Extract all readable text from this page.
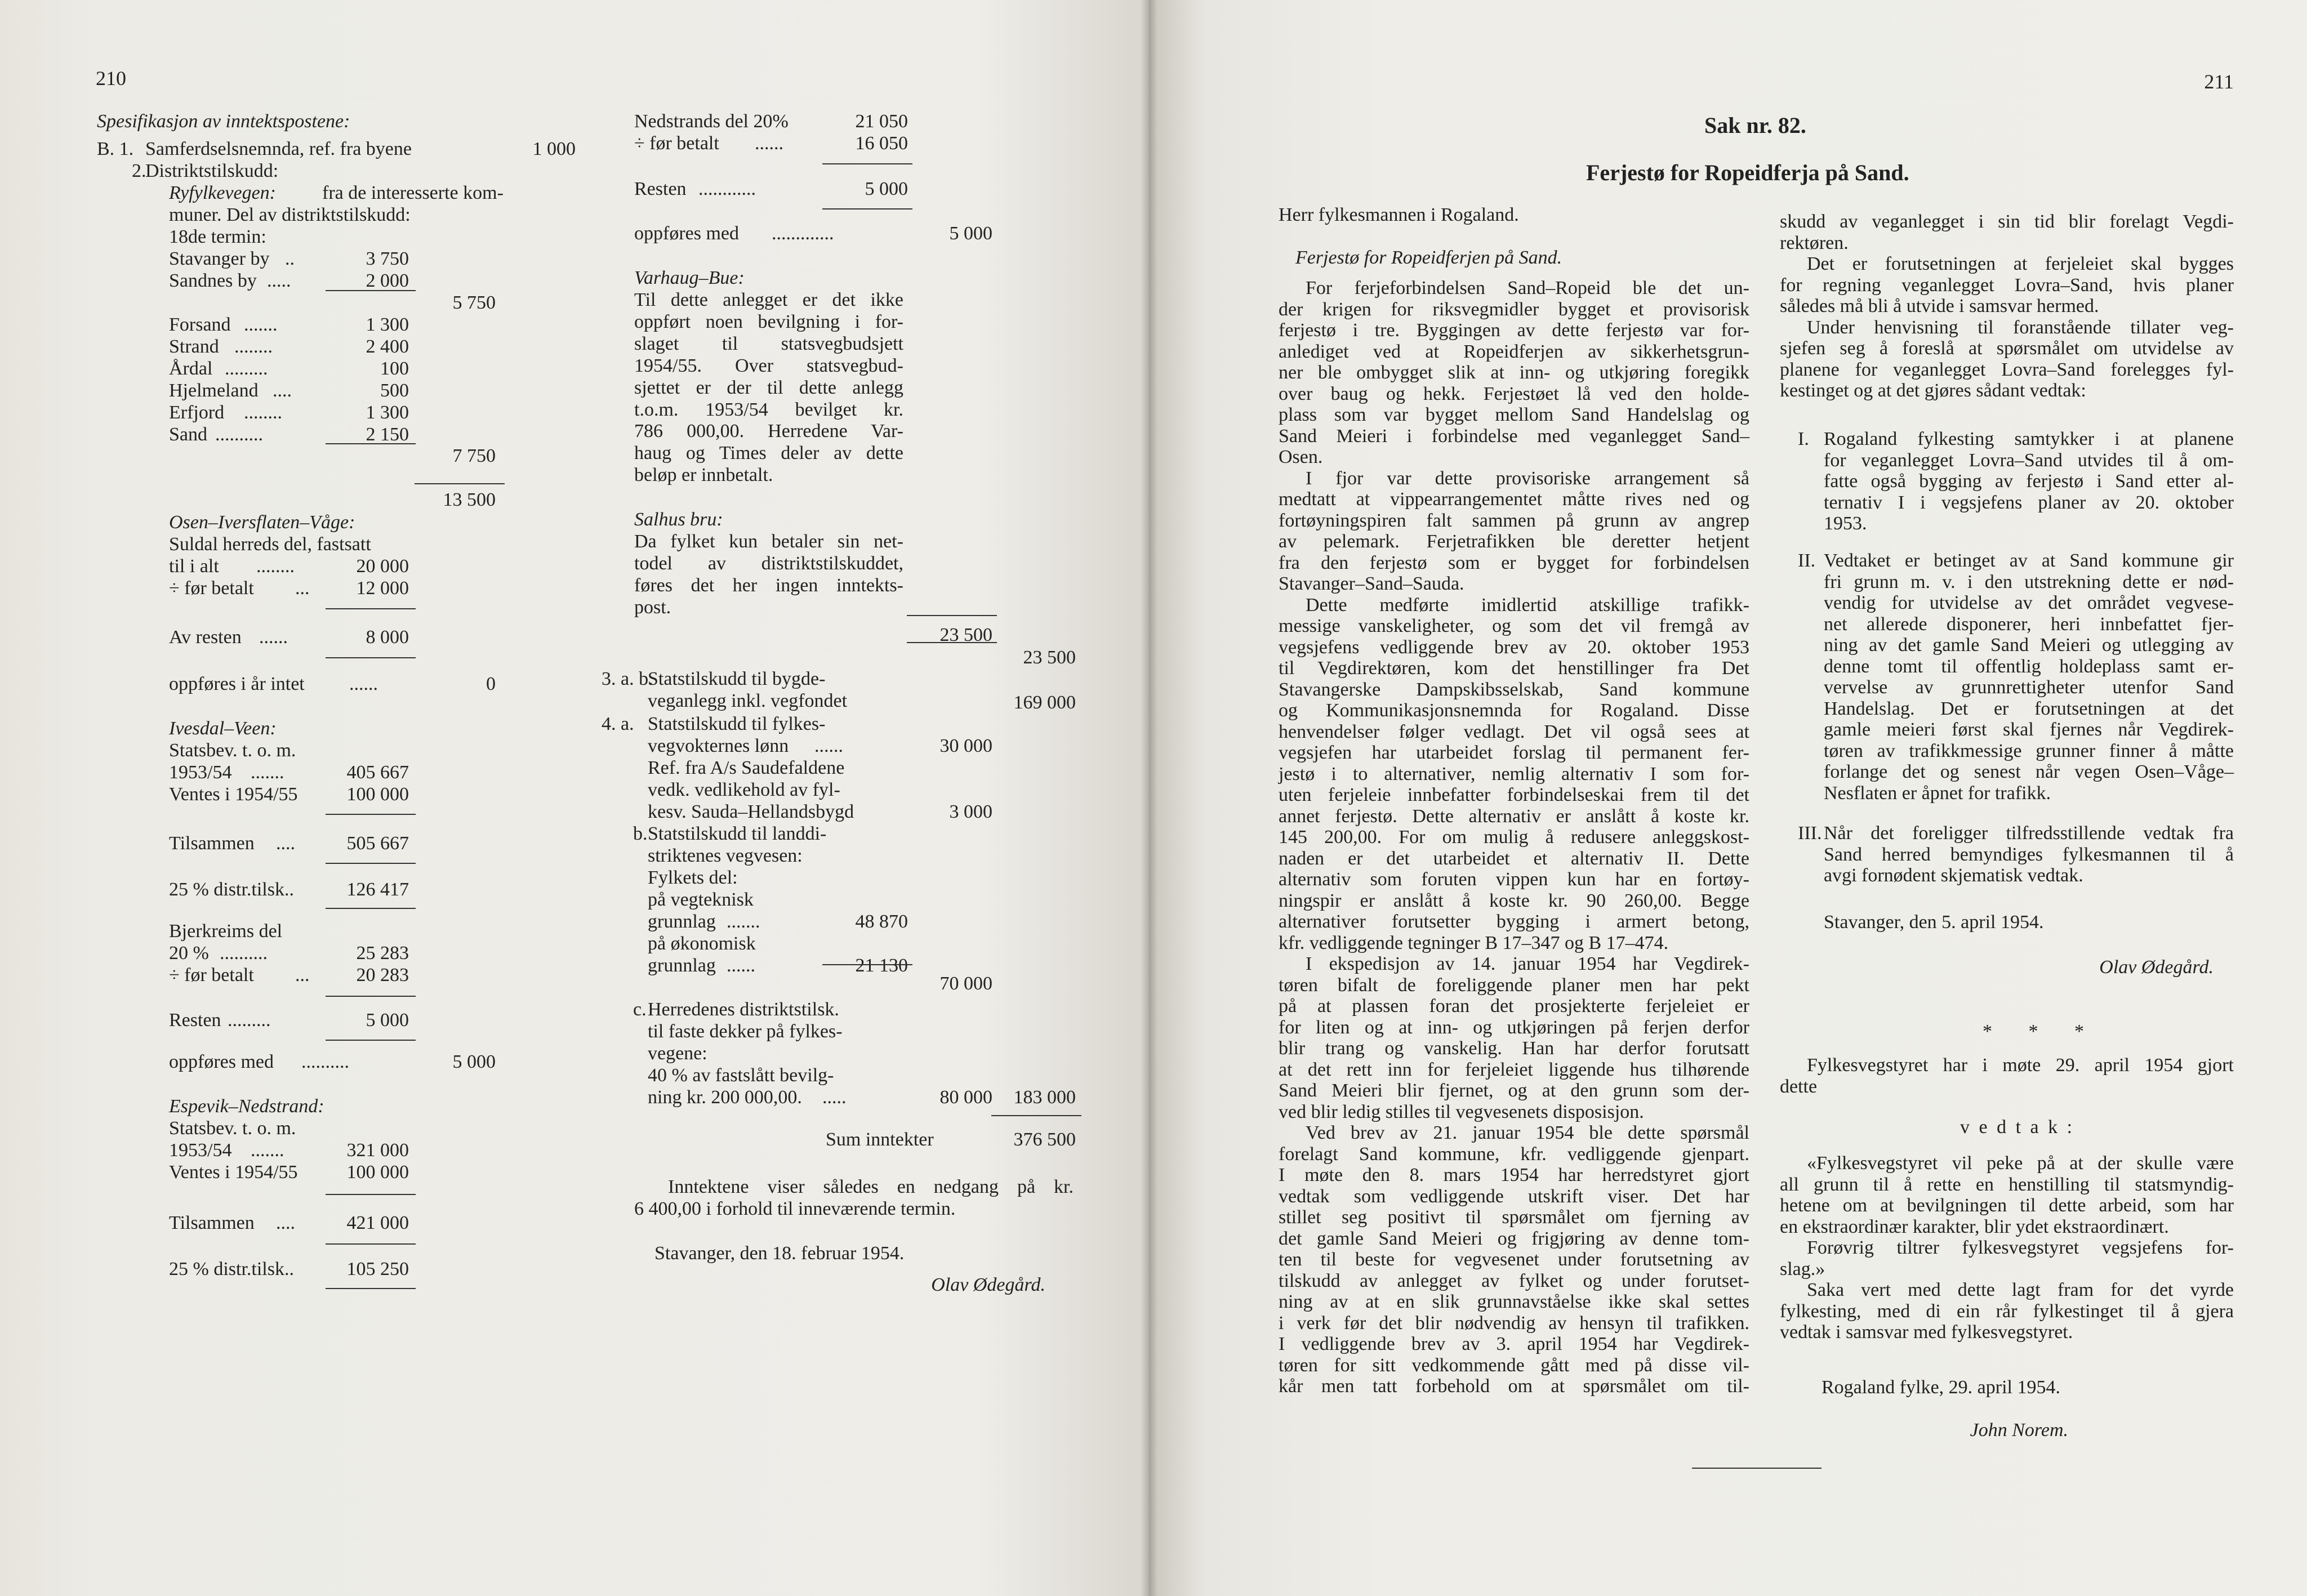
210
Spesifikasjon av inntektspostene:
B. 1. Samferdselsnemnda, ref. fra byene	1 000
2.
Distriktstilskudd:
Ryfylkevegen: fra de interesserte kom-
muner. Del av distriktstilskudd:
18de termin:
Stavanger by ..	3 750
Sandnes by .....	2 000
5 750
Forsand .......	1 300
Strand ........	2 400
Årdal .........	100
Hjelmeland ....	500
Erfjord ........	1 300
Sand ..........	2 150
7 750
13 500
Osen–Iversflaten–Våge:
Suldal herreds del, fastsatt
til i alt ........	20 000
÷ før betalt ...	12 000
Av resten ......	8 000
oppføres i år intet ......	0
Ivesdal–Veen:
Statsbev. t. o. m.
1953/54 .......	405 667
Ventes i 1954/55	100 000
Tilsammen ....	505 667
25 % distr.tilsk..	126 417
Bjerkreims del
20 % ..........	25 283
÷ før betalt ...	20 283
Resten .........	5 000
oppføres med ..........	5 000
Espevik–Nedstrand:
Statsbev. t. o. m.
1953/54 .......	321 000
Ventes i 1954/55	100 000
Tilsammen ....	421 000
25 % distr.tilsk..	105 250
Nedstrands del 20%	21 050
÷ før betalt ......	16 050
Resten ............	5 000
oppføres med .............	5 000
Varhaug–Bue:
Til dette anlegget er det ikke
oppført noen bevilgning i for-
slaget til statsvegbudsjett
1954/55. Over statsvegbud-
sjettet er der til dette anlegg
t.o.m. 1953/54 bevilget kr.
786 000,00. Herredene Var-
haug og Times deler av dette
beløp er innbetalt.
Salhus bru:
Da fylket kun betaler sin net-
todel av distriktstilskuddet,
føres det her ingen inntekts-
post.
23 500
23 500
3. a. b.
Statstilskudd til bygde-
veganlegg inkl. vegfondet	169 000
4. a. Statstilskudd til fylkes-
vegvokternes lønn ......	30 000
Ref. fra A/s Saudefaldene
vedk. vedlikehold av fyl-
kesv. Sauda–Hellandsbygd	3 000
b. Statstilskudd til landdi-
striktenes vegvesen:
Fylkets del:
på vegteknisk
grunnlag .......	48 870
på økonomisk
grunnlag ......	21 130
70 000
c. Herredenes distriktstilsk.
til faste dekker på fylkes-
vegene:
40 % av fastslått bevilg-
ning kr. 200 000,00. .....	80 000	183 000
Sum inntekter	376 500
Inntektene viser således en nedgang på kr.
6 400,00 i forhold til inneværende termin.
Stavanger, den 18. februar 1954.
Olav Ødegård.
211
Sak nr. 82.
Ferjestø for Ropeidferja på Sand.
Herr fylkesmannen i Rogaland.
Ferjestø for Ropeidferjen på Sand.
For ferjeforbindelsen Sand–Ropeid ble det un-
der krigen for riksvegmidler bygget et provisorisk
ferjestø i tre. Byggingen av dette ferjestø var for-
anlediget ved at Ropeidferjen av sikkerhetsgrun-
ner ble ombygget slik at inn- og utkjøring foregikk
over baug og hekk. Ferjestøet lå ved den holde-
plass som var bygget mellom Sand Handelslag og
Sand Meieri i forbindelse med veganlegget Sand–
Osen.
I fjor var dette provisoriske arrangement så
medtatt at vippearrangementet måtte rives ned og
fortøyningspiren falt sammen på grunn av angrep
av pelemark. Ferjetrafikken ble deretter hetjent
fra den ferjestø som er bygget for forbindelsen
Stavanger–Sand–Sauda.
Dette medførte imidlertid atskillige trafikk-
messige vanskeligheter, og som det vil fremgå av
vegsjefens vedliggende brev av 20. oktober 1953
til Vegdirektøren, kom det henstillinger fra Det
Stavangerske Dampskibsselskab, Sand kommune
og Kommunikasjonsnemnda for Rogaland. Disse
henvendelser følger vedlagt. Det vil også sees at
vegsjefen har utarbeidet forslag til permanent fer-
jestø i to alternativer, nemlig alternativ I som for-
uten ferjeleie innbefatter forbindelseskai frem til det
annet ferjestø. Dette alternativ er anslått å koste kr.
145 200,00. For om mulig å redusere anleggskost-
naden er det utarbeidet et alternativ II. Dette
alternativ som foruten vippen kun har en fortøy-
ningspir er anslått å koste kr. 90 260,00. Begge
alternativer forutsetter bygging i armert betong,
kfr. vedliggende tegninger B 17–347 og B 17–474.
I ekspedisjon av 14. januar 1954 har Vegdirek-
tøren bifalt de foreliggende planer men har pekt
på at plassen foran det prosjekterte ferjeleiet er
for liten og at inn- og utkjøringen på ferjen derfor
blir trang og vanskelig. Han har derfor forutsatt
at det rett inn for ferjeleiet liggende hus tilhørende
Sand Meieri blir fjernet, og at den grunn som der-
ved blir ledig stilles til vegvesenets disposisjon.
Ved brev av 21. januar 1954 ble dette spørsmål
forelagt Sand kommune, kfr. vedliggende gjenpart.
I møte den 8. mars 1954 har herredstyret gjort
vedtak som vedliggende utskrift viser. Det har
stillet seg positivt til spørsmålet om fjerning av
det gamle Sand Meieri og frigjøring av denne tom-
ten til beste for vegvesenet under forutsetning av
tilskudd av anlegget av fylket og under forutset-
ning av at en slik grunnavståelse ikke skal settes
i verk før det blir nødvendig av hensyn til trafikken.
I vedliggende brev av 3. april 1954 har Vegdirek-
tøren for sitt vedkommende gått med på disse vil-
kår men tatt forbehold om at spørsmålet om til-
skudd av veganlegget i sin tid blir forelagt Vegdi-
rektøren.
Det er forutsetningen at ferjeleiet skal bygges
for regning veganlegget Lovra–Sand, hvis planer
således må bli å utvide i samsvar hermed.
Under henvisning til foranstående tillater veg-
sjefen seg å foreslå at spørsmålet om utvidelse av
planene for veganlegget Lovra–Sand forelegges fyl-
kestinget og at det gjøres sådant vedtak:
I. Rogaland fylkesting samtykker i at planene
for veganlegget Lovra–Sand utvides til å om-
fatte også bygging av ferjestø i Sand etter al-
ternativ I i vegsjefens planer av 20. oktober
1953.
II. Vedtaket er betinget av at Sand kommune gir
fri grunn m. v. i den utstrekning dette er nød-
vendig for utvidelse av det området vegvese-
net allerede disponerer, heri innbefattet fjer-
ning av det gamle Sand Meieri og utlegging av
denne tomt til offentlig holdeplass samt er-
vervelse av grunnrettigheter utenfor Sand
Handelslag. Det er forutsetningen at det
gamle meieri først skal fjernes når Vegdirek-
tøren av trafikkmessige grunner finner å måtte
forlange det og senest når vegen Osen–Våge–
Nesflaten er åpnet for trafikk.
III. Når det foreligger tilfredsstillende vedtak fra
Sand herred bemyndiges fylkesmannen til å
avgi fornødent skjematisk vedtak.
Stavanger, den 5. april 1954.
Olav Ødegård.
* * *
Fylkesvegstyret har i møte 29. april 1954 gjort
dette
v e d t a k :
«Fylkesvegstyret vil peke på at der skulle være
all grunn til å rette en henstilling til statsmyndig-
hetene om at bevilgningen til dette arbeid, som har
en ekstraordinær karakter, blir ydet ekstraordinært.
Forøvrig tiltrer fylkesvegstyret vegsjefens for-
slag.»
Saka vert med dette lagt fram for det vyrde
fylkesting, med di ein rår fylkestinget til å gjera
vedtak i samsvar med fylkesvegstyret.
Rogaland fylke, 29. april 1954.
John Norem.
